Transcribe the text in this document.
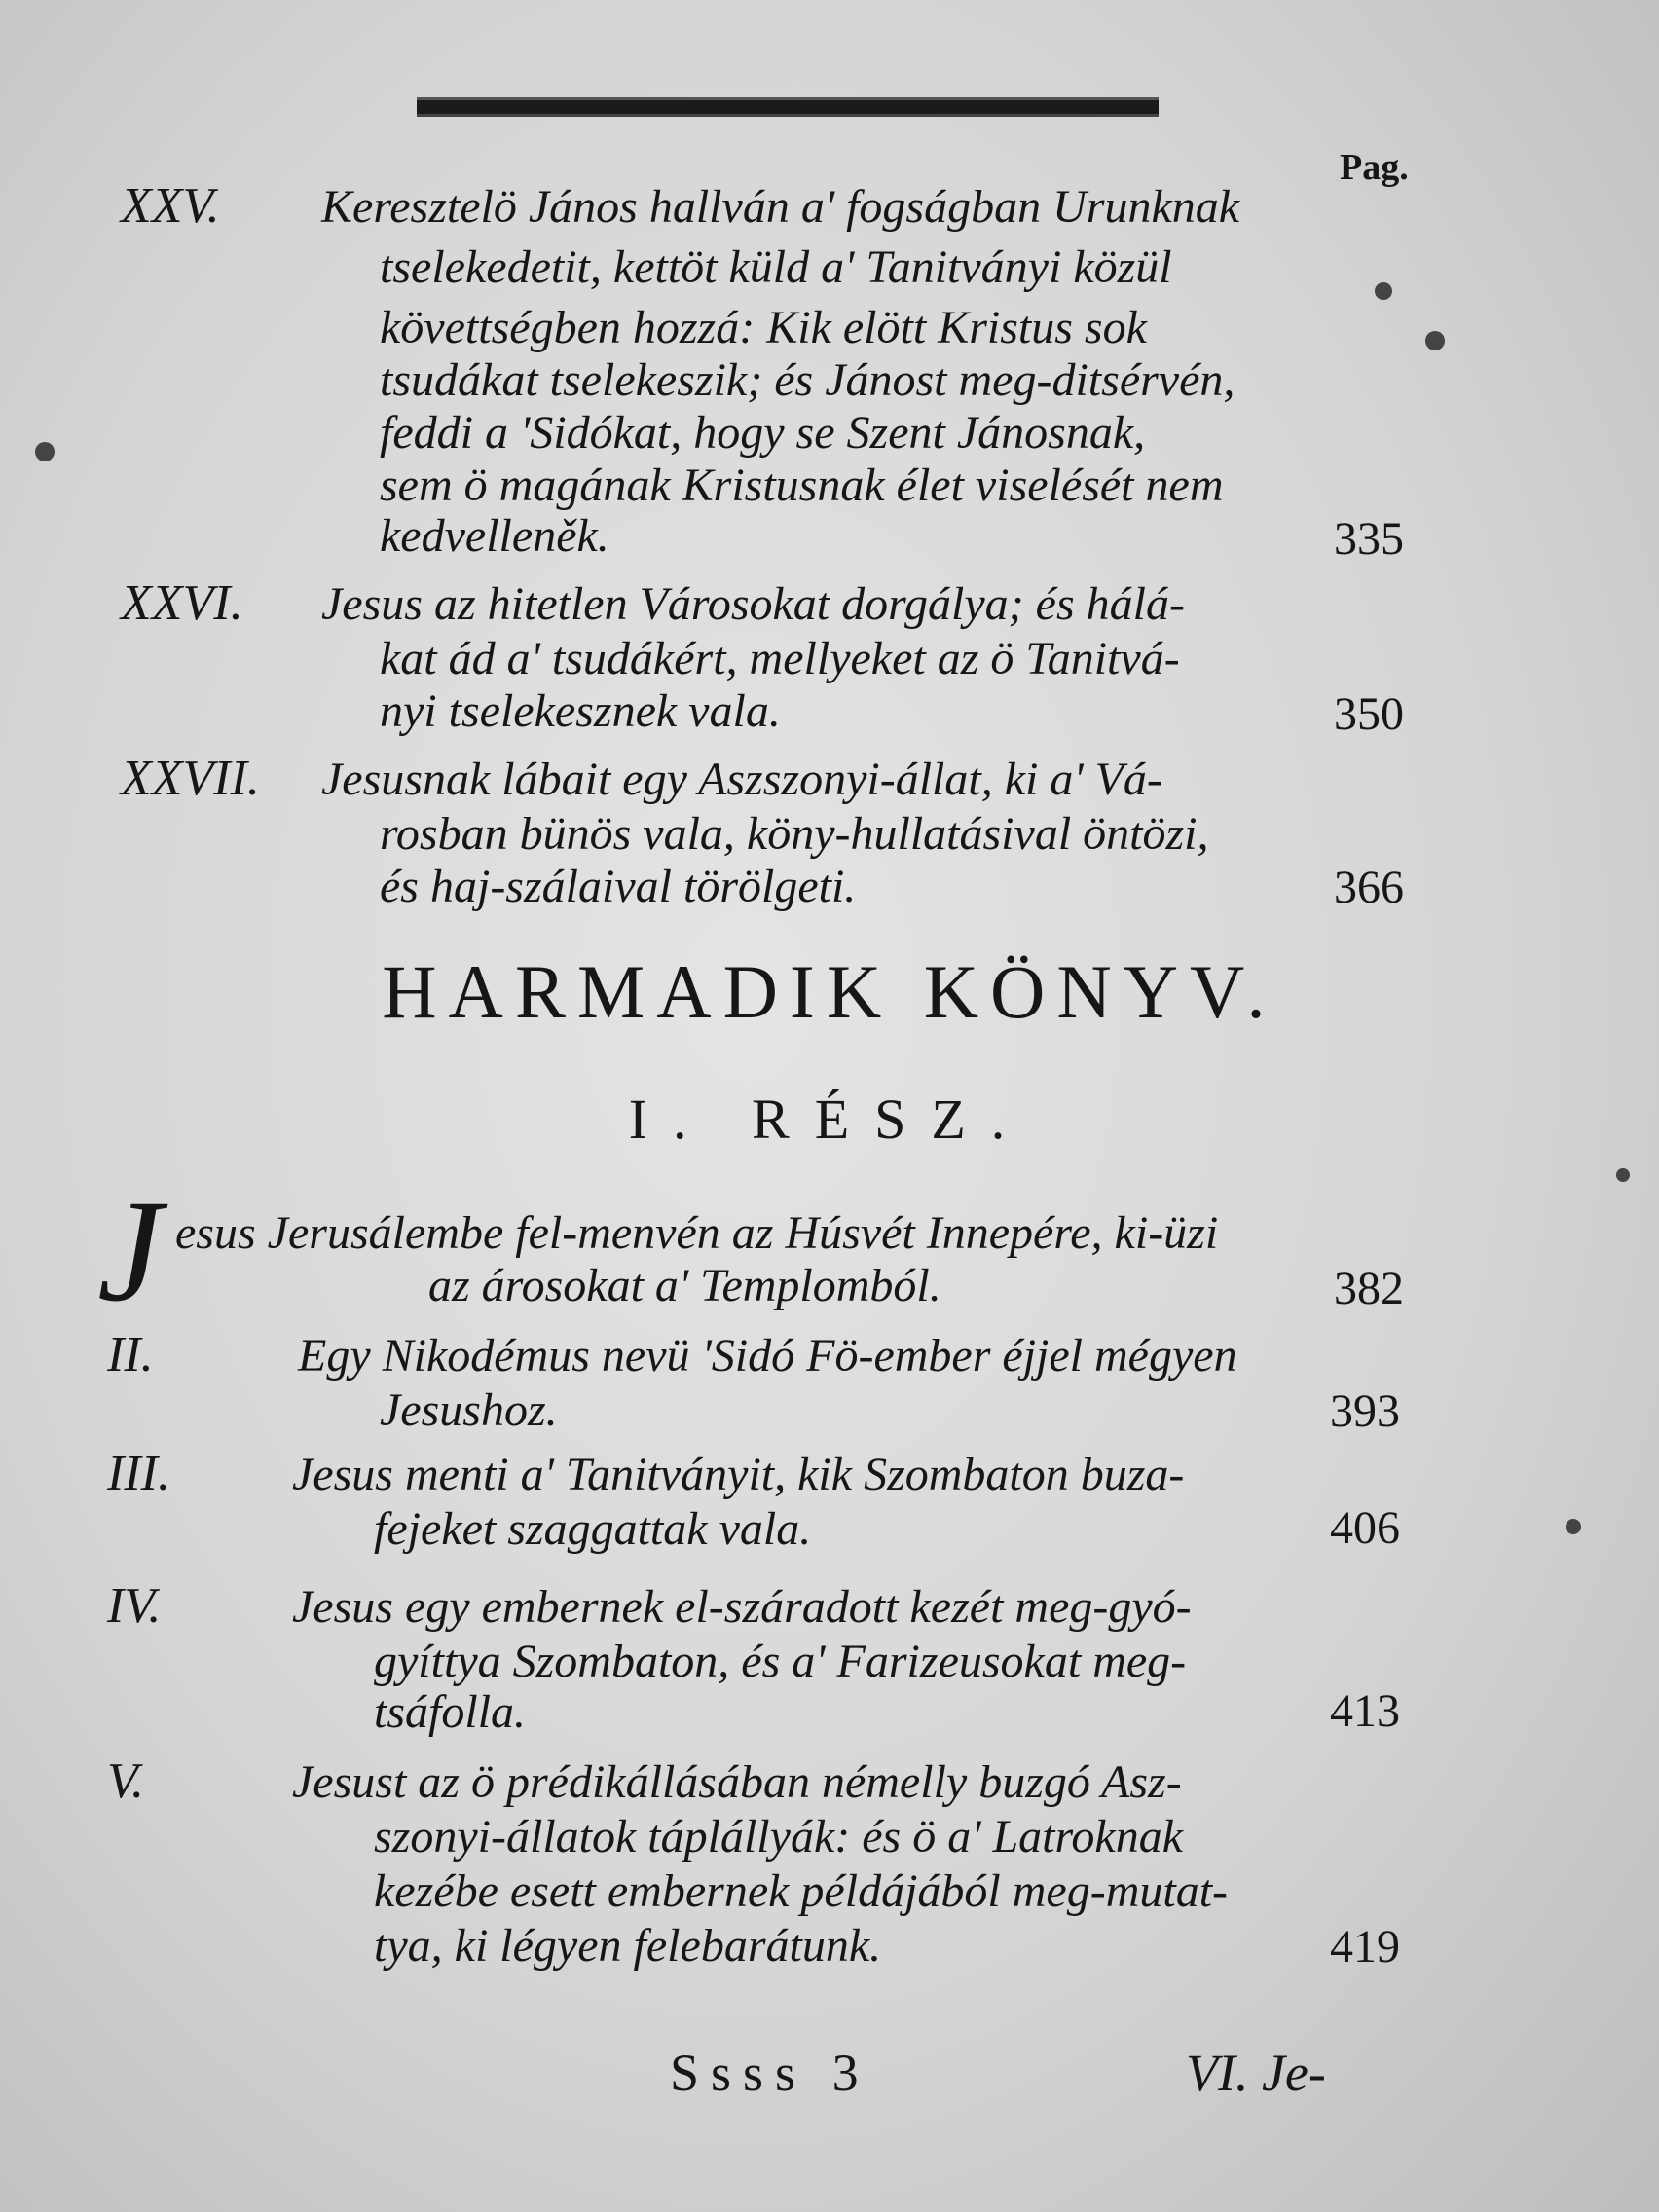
Pag.
XXV. Keresztelö János hallván a' fogságban Urunknak
tselekedetit, kettöt küld a' Tanitványi közül
követtségben hozzá: Kik elött Kristus sok
tsudákat tselekeszik; és Jánost meg-ditsérvén,
feddi a 'Sidókat, hogy se Szent Jánosnak,
sem ö magának Kristusnak élet viselését nem
kedvelleněk.	335
XXVI. Jesus az hitetlen Városokat dorgálya; és hálá-
kat ád a' tsudákért, mellyeket az ö Tanitvá-
nyi tselekesznek vala.	350
XXVII. Jesusnak lábait egy Aszszonyi-állat, ki a' Vá-
rosban bünös vala, köny-hullatásival öntözi,
és haj-szálaival törölgeti.	366
HARMADIK KÖNYV.
I. RÉSZ.
J esus Jerusálembe fel-menvén az Húsvét Innepére, ki-üzi
az árosokat a' Templomból.	382
II.	Egy Nikodémus nevü 'Sidó Fö-ember éjjel mégyen
Jesushoz.	393
III.	Jesus menti a' Tanitványit, kik Szombaton buza-
fejeket szaggattak vala.	406
IV.	Jesus egy embernek el-száradott kezét meg-gyó-
gyíttya Szombaton, és a' Farizeusokat meg-
tsáfolla.	413
V.	Jesust az ö prédikállásában némelly buzgó Asz-
szonyi-állatok táplállyák: és ö a' Latroknak
kezébe esett embernek példájából meg-mutat-
tya, ki légyen felebarátunk.	419
Ssss 3	VI. Je-
